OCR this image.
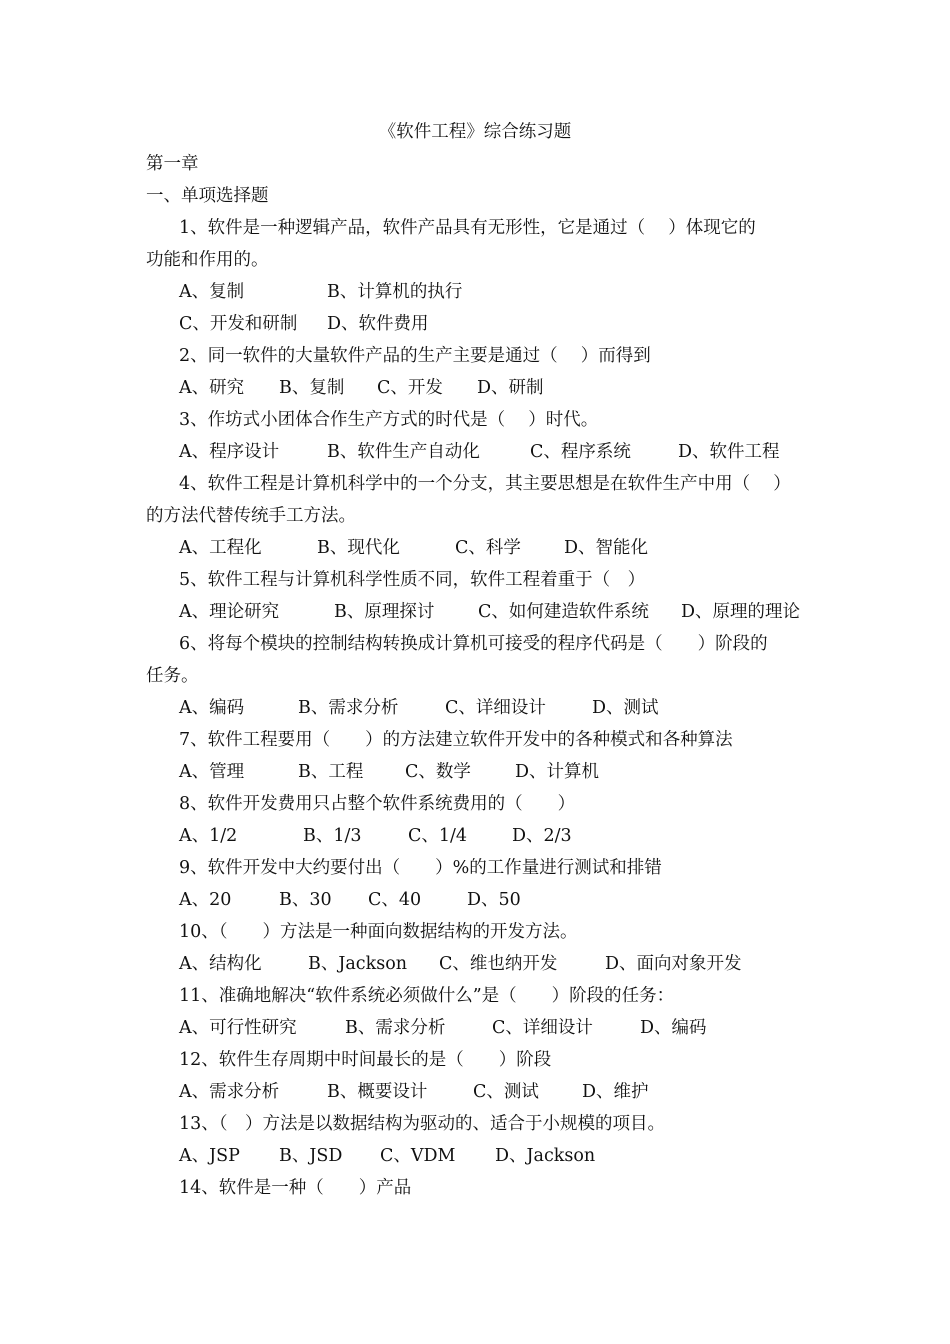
《软件工程》综合练习题
第一章
一、单项选择题
1、软件是一种逻辑产品，软件产品具有无形性，它是通过（　 ）体现它的
功能和作用的。
A、复制	B、计算机的执行
C、开发和研制 D、软件费用
2、同一软件的大量软件产品的生产主要是通过（　 ）而得到
A、研究 B、复制 C、开发 D、研制
3、作坊式小团体合作生产方式的时代是（　 ）时代。
A、程序设计	B、软件生产自动化	C、程序系统	D、软件工程
4、软件工程是计算机科学中的一个分支，其主要思想是在软件生产中用（　 ）
的方法代替传统手工方法。
A、工程化	B、现代化	C、科学 D、智能化
5、软件工程与计算机科学性质不同，软件工程着重于（　）
A、理论研究	B、原理探讨 C、如何建造软件系统 D、原理的理论
6、将每个模块的控制结构转换成计算机可接受的程序代码是（　　）阶段的
任务。
A、编码	B、需求分析	C、详细设计	D、测试
7、软件工程要用（　　）的方法建立软件开发中的各种模式和各种算法
A、管理	B、工程 C、数学	D、计算机
8、软件开发费用只占整个软件系统费用的（　　）
A、1/2	B、1/3	C、1/4	D、2/3
9、软件开发中大约要付出（　　）%的工作量进行测试和排错
A、20	B、30 C、40	D、50
10、（　　）方法是一种面向数据结构的开发方法。
A、结构化	B、Jackson C、维也纳开发	D、面向对象开发
11、准确地解决“软件系统必须做什么”是（　　）阶段的任务：
A、可行性研究	B、需求分析	C、详细设计	D、编码
12、软件生存周期中时间最长的是（　　）阶段
A、需求分析	B、概要设计	C、测试 D、维护
13、（　）方法是以数据结构为驱动的、适合于小规模的项目。
A、JSP B、JSD C、VDM D、Jackson
14、软件是一种（　　）产品
